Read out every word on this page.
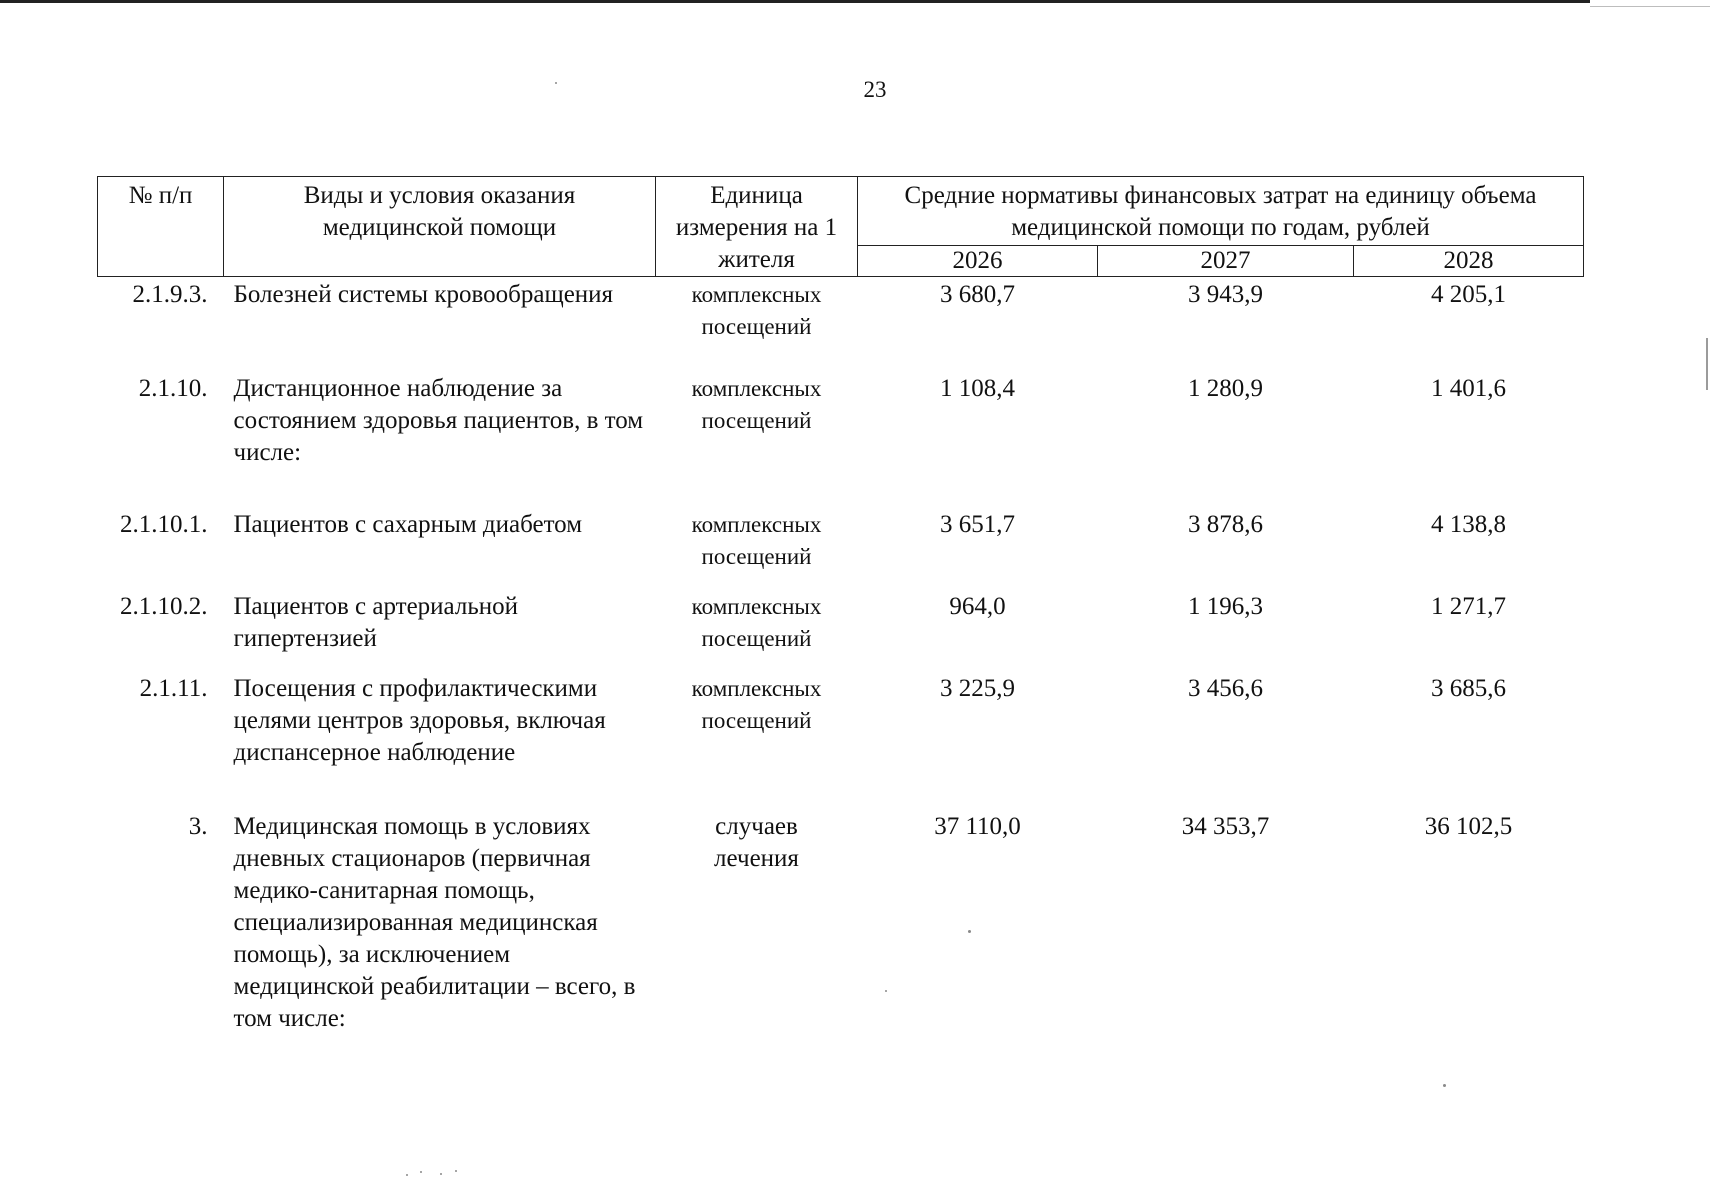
23
№ п/п	Виды и условия оказания медицинской помощи	Единица измерения на 1 жителя	Средние нормативы финансовых затрат на единицу объема медицинской помощи по годам, рублей		
			2026	2027	2028
2.1.9.3.	Болезней системы кровообращения	комплексных посещений	3 680,7	3 943,9	4 205,1
2.1.10.	Дистанционное наблюдение за состоянием здоровья пациентов, в том числе:	комплексных посещений	1 108,4	1 280,9	1 401,6
2.1.10.1.	Пациентов с сахарным диабетом	комплексных посещений	3 651,7	3 878,6	4 138,8
2.1.10.2.	Пациентов с артериальной гипертензией	комплексных посещений	964,0	1 196,3	1 271,7
2.1.11.	Посещения с профилактическими целями центров здоровья, включая диспансерное наблюдение	комплексных посещений	3 225,9	3 456,6	3 685,6
3.	Медицинская помощь в условиях дневных стационаров (первичная медико-санитарная помощь, специализированная медицинская помощь), за исключением медицинской реабилитации – всего, в том числе:	случаев лечения	37 110,0	34 353,7	36 102,5
